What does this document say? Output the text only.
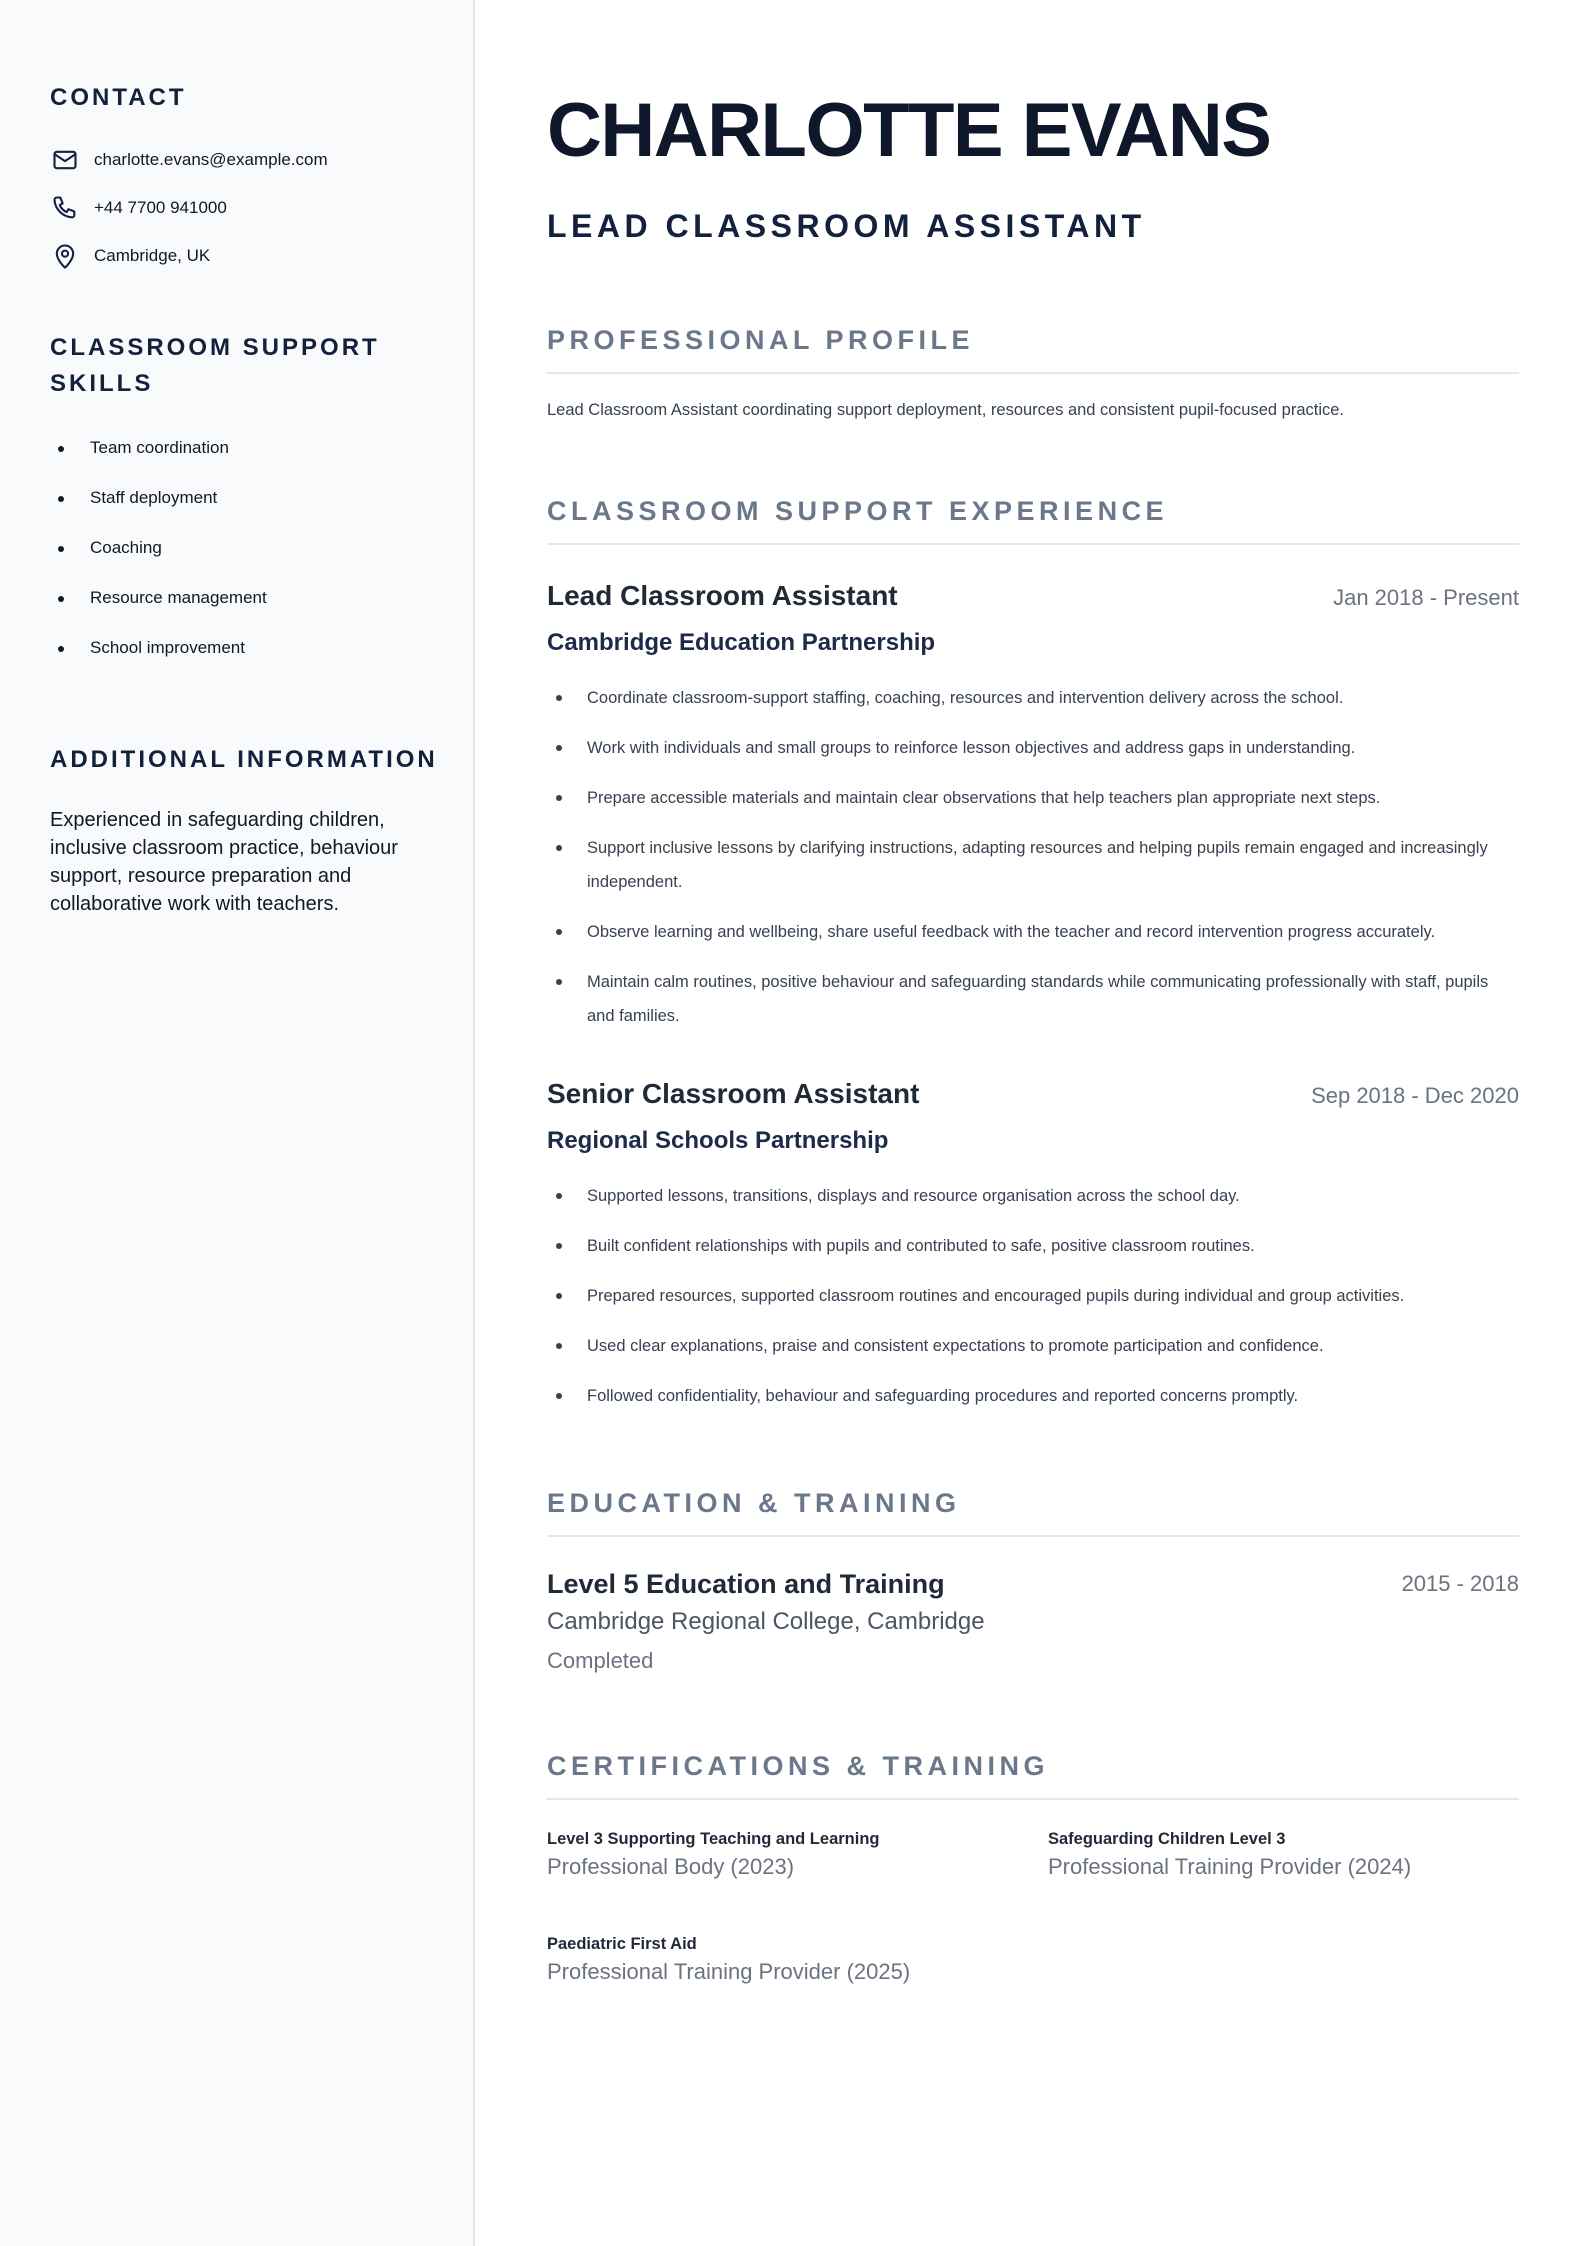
CONTACT
charlotte.evans@example.com
+44 7700 941000
Cambridge, UK
CLASSROOM SUPPORT SKILLS
Team coordination
Staff deployment
Coaching
Resource management
School improvement
ADDITIONAL INFORMATION

Experienced in safeguarding children, inclusive classroom practice, behaviour support, resource preparation and collaborative work with teachers.

CHARLOTTE EVANS
LEAD CLASSROOM ASSISTANT
PROFESSIONAL PROFILE

Lead Classroom Assistant coordinating support deployment, resources and consistent pupil-focused practice.

CLASSROOM SUPPORT EXPERIENCE
Lead Classroom Assistant	Jan 2018 - Present
Cambridge Education Partnership
Coordinate classroom-support staffing, coaching, resources and intervention delivery across the school.
Work with individuals and small groups to reinforce lesson objectives and address gaps in understanding.
Prepare accessible materials and maintain clear observations that help teachers plan appropriate next steps.
Support inclusive lessons by clarifying instructions, adapting resources and helping pupils remain engaged and increasingly independent.
Observe learning and wellbeing, share useful feedback with the teacher and record intervention progress accurately.
Maintain calm routines, positive behaviour and safeguarding standards while communicating professionally with staff, pupils and families.
Senior Classroom Assistant	Sep 2018 - Dec 2020
Regional Schools Partnership
Supported lessons, transitions, displays and resource organisation across the school day.
Built confident relationships with pupils and contributed to safe, positive classroom routines.
Prepared resources, supported classroom routines and encouraged pupils during individual and group activities.
Used clear explanations, praise and consistent expectations to promote participation and confidence.
Followed confidentiality, behaviour and safeguarding procedures and reported concerns promptly.
EDUCATION & TRAINING
Level 5 Education and Training	2015 - 2018
Cambridge Regional College, Cambridge
Completed
CERTIFICATIONS & TRAINING
Level 3 Supporting Teaching and Learning
Professional Body (2023)
Safeguarding Children Level 3
Professional Training Provider (2024)
Paediatric First Aid
Professional Training Provider (2025)
